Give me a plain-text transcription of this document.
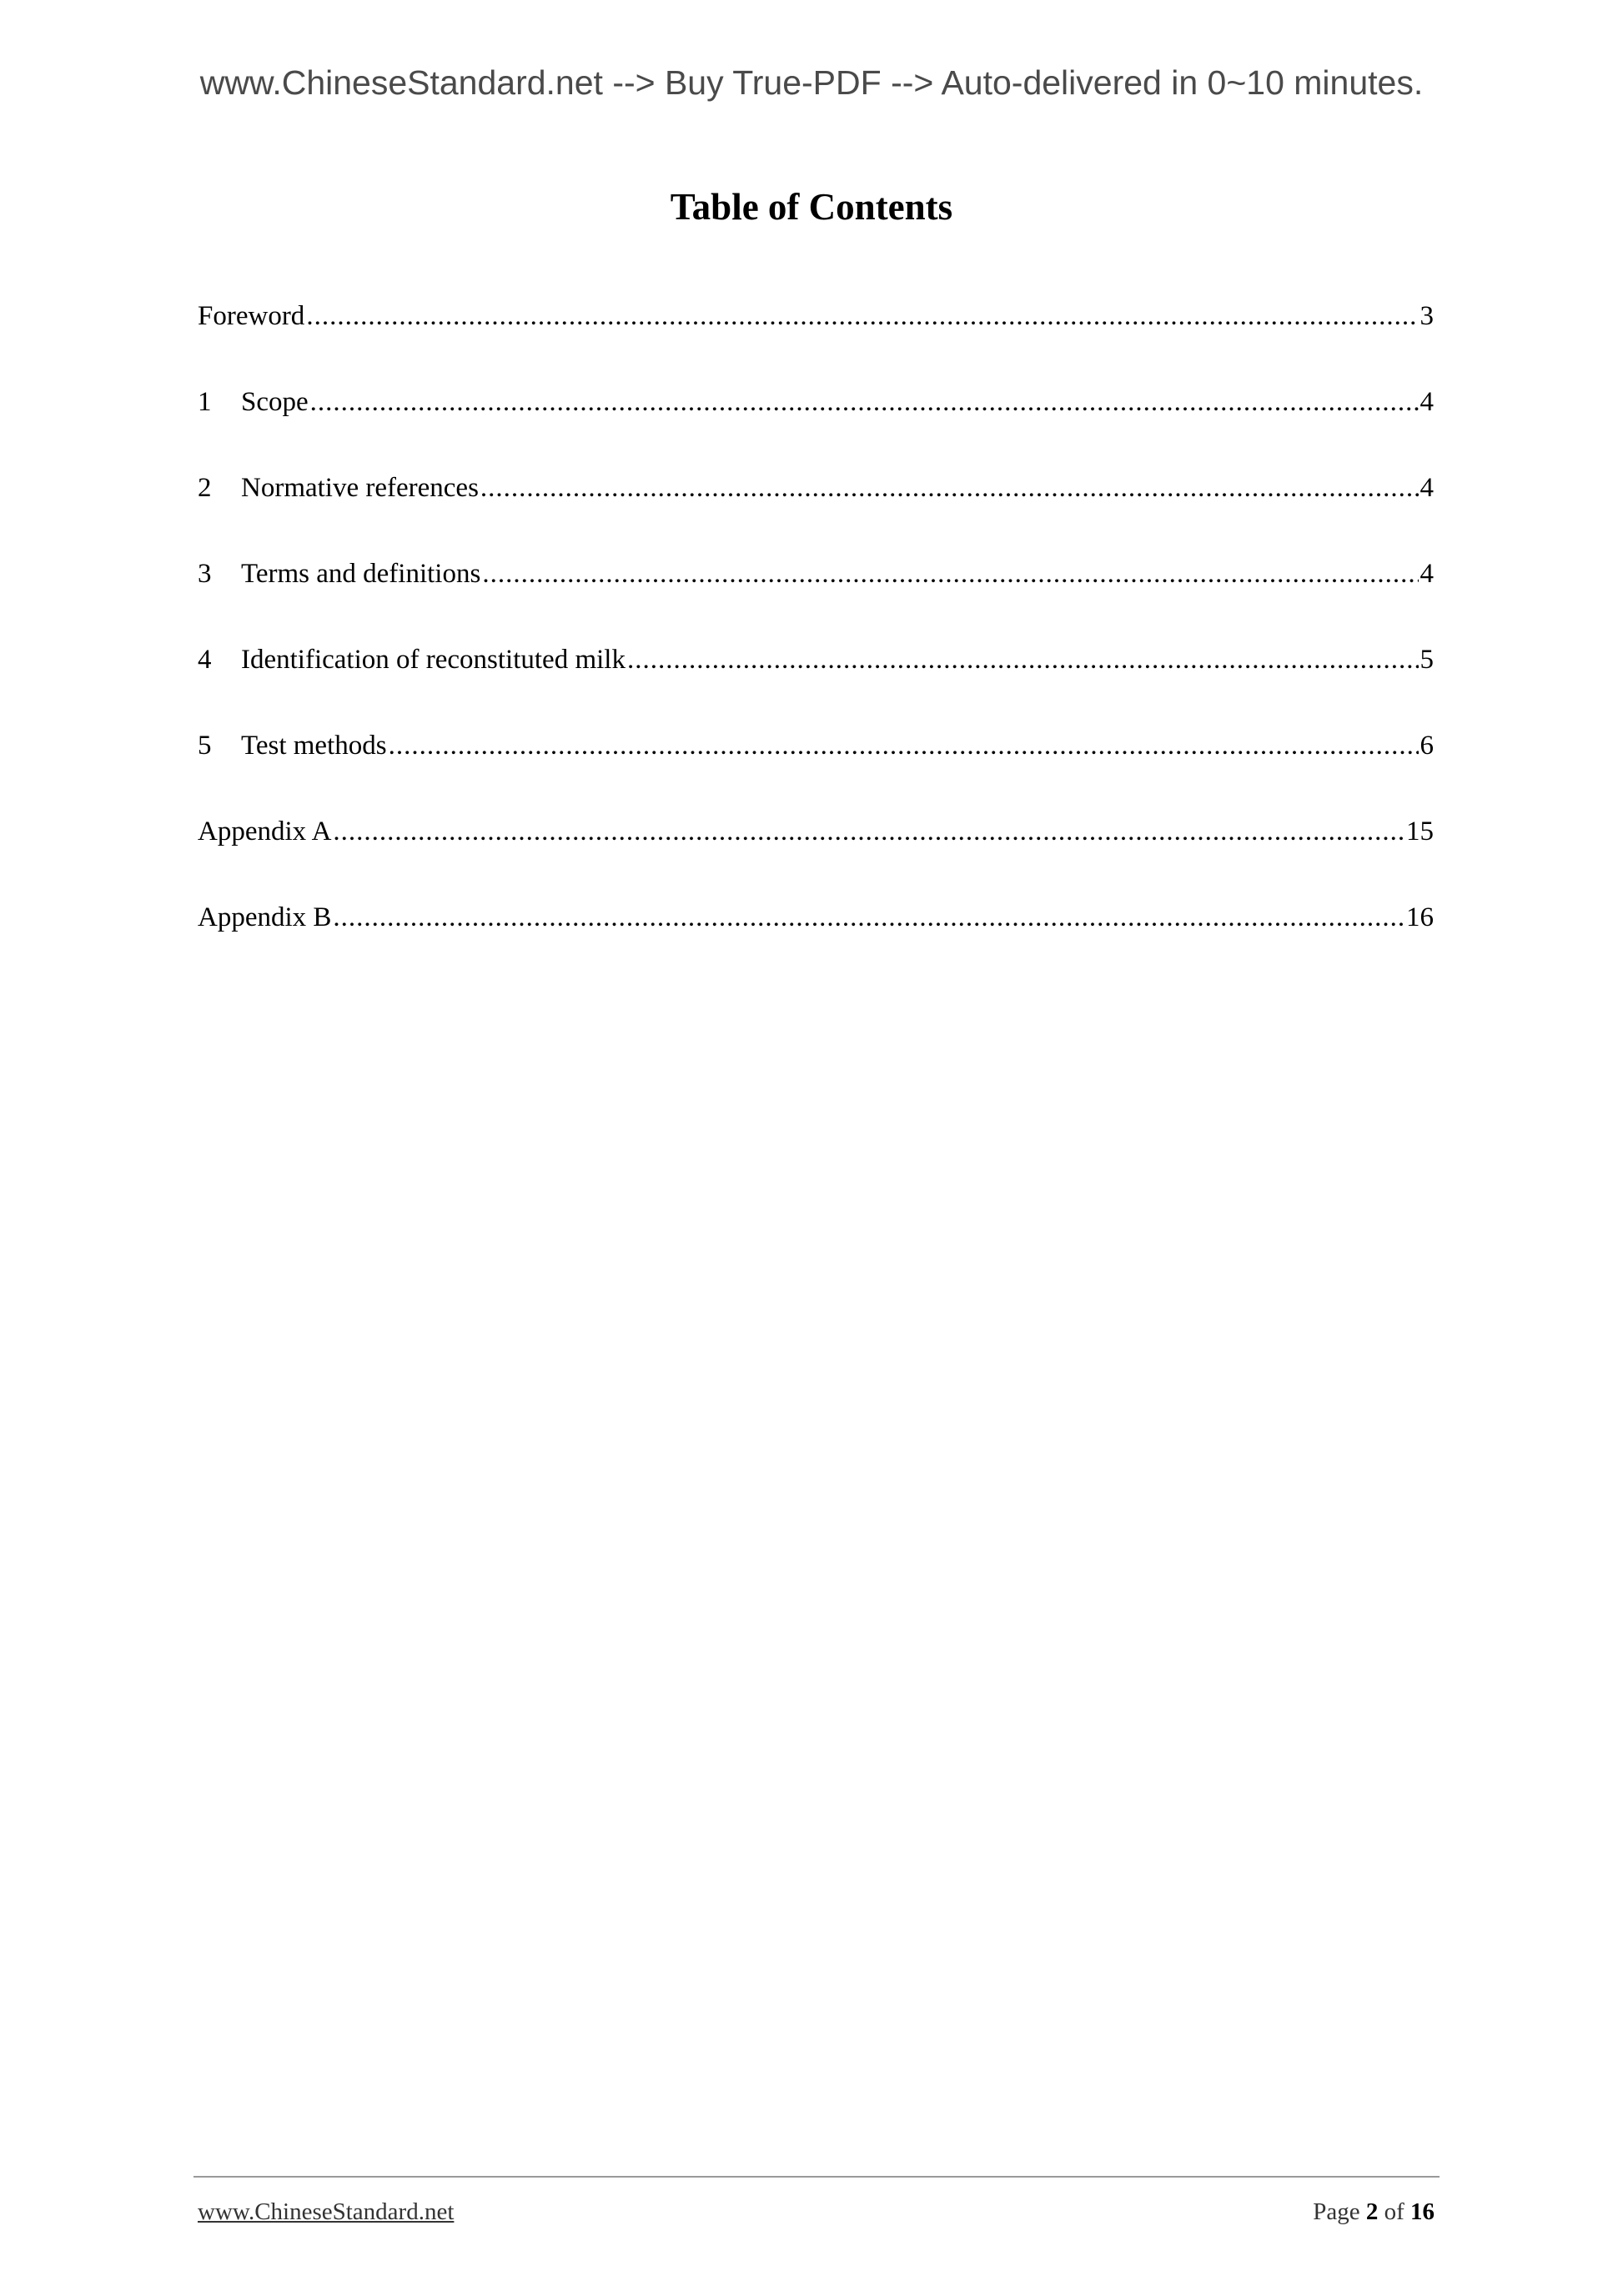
www.ChineseStandard.net --> Buy True-PDF --> Auto-delivered in 0~10 minutes.
Table of Contents
Foreword .....	3
1	Scope .....	4
2	Normative references .....	4
3	Terms and definitions .....	4
4	Identification of reconstituted milk .....	5
5	Test methods .....	6
Appendix A .....	15
Appendix B .....	16
www.ChineseStandard.net	Page 2 of 16
